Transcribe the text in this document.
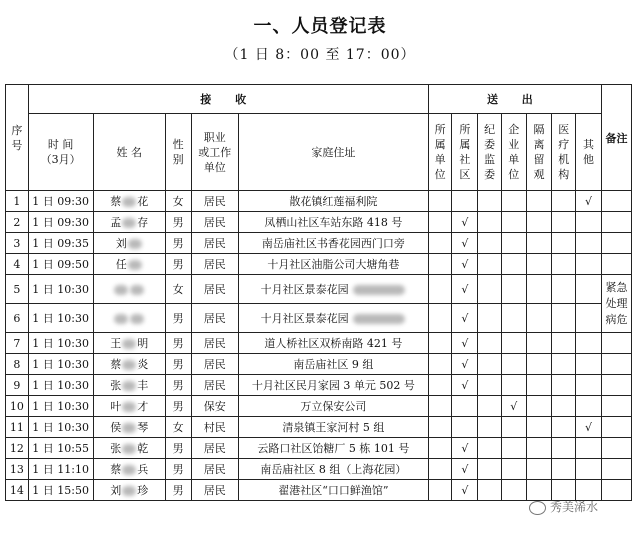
一、人员登记表
（1 日 8：00 至 17：00）
序
号	接 收					送 出							备注

	时 间
（3月）	姓 名	性
别	职业
或工作
单位	家庭住址	所
属
单
位	所
属
社
区	纪
委
监
委	企
业
单
位	隔
离
留
观	医
疗
机
构	其
他	

1	1 日 09:30	蔡 花	女	居民	散花镇红莲福利院							√	
2	1 日 09:30	孟 存	男	居民	凤栖山社区车站东路 418 号		√						
3	1 日 09:35	刘	男	居民	南岳庙社区书香花园西门口旁		√						
4	1 日 09:50	任	男	居民	十月社区油脂公司大塘角巷		√						
5	1 日 10:30		女	居民	十月社区景泰花园		√						紧急
处理
病危

6	1 日 10:30		男	居民	十月社区景泰花园		√						
7	1 日 10:30	王 明	男	居民	道人桥社区双桥南路 421 号		√						
8	1 日 10:30	蔡 炎	男	居民	南岳庙社区 9 组		√						
9	1 日 10:30	张 丰	男	居民	十月社区民月家园 3 单元 502 号		√						
10	1 日 10:30	叶 才	男	保安	万立保安公司				√				
11	1 日 10:30	侯 琴	女	村民	清泉镇王家河村 5 组							√	
12	1 日 10:55	张 乾	男	居民	云路口社区饴糖厂 5 栋 101 号		√						
13	1 日 11:10	蔡 兵	男	居民	南岳庙社区 8 组（上海花园）		√						
14	1 日 15:50	刘 珍	男	居民	翟港社区“口口鲜渔馆”		√						
秀美浠水
